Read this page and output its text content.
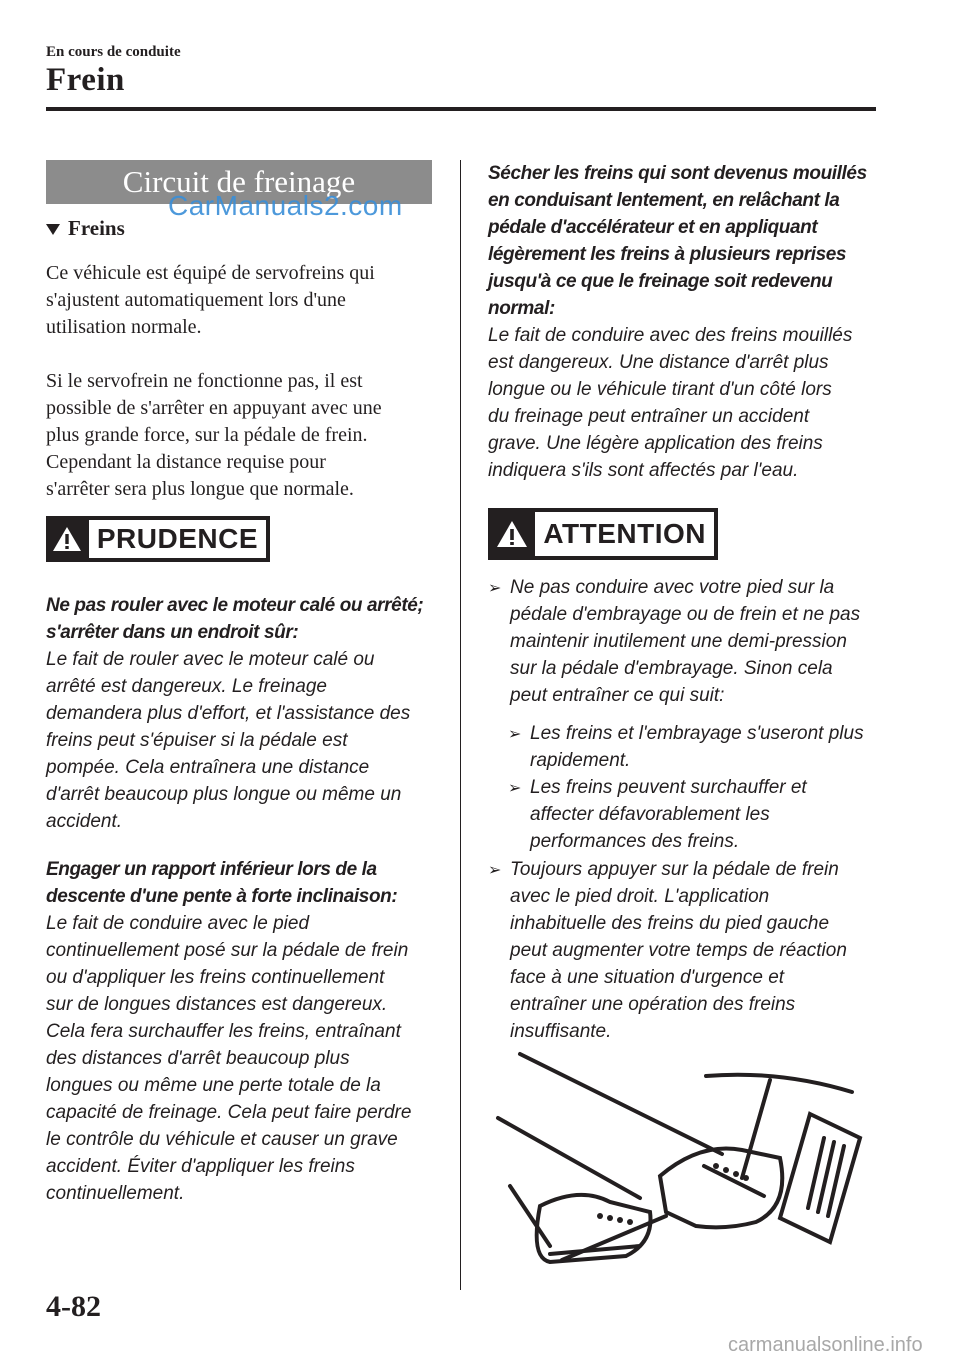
En cours de conduite
Frein
Circuit de freinage
CarManuals2.com
Freins
Ce véhicule est équipé de servofreins qui
s'ajustent automatiquement lors d'une
utilisation normale.
Si le servofrein ne fonctionne pas, il est
possible de s'arrêter en appuyant avec une
plus grande force, sur la pédale de frein.
Cependant la distance requise pour
s'arrêter sera plus longue que normale.
PRUDENCE
Ne pas rouler avec le moteur calé ou arrêté;
s'arrêter dans un endroit sûr:
Le fait de rouler avec le moteur calé ou
arrêté est dangereux. Le freinage
demandera plus d'effort, et l'assistance des
freins peut s'épuiser si la pédale est
pompée. Cela entraînera une distance
d'arrêt beaucoup plus longue ou même un
accident.
Engager un rapport inférieur lors de la
descente d'une pente à forte inclinaison:
Le fait de conduire avec le pied
continuellement posé sur la pédale de frein
ou d'appliquer les freins continuellement
sur de longues distances est dangereux.
Cela fera surchauffer les freins, entraînant
des distances d'arrêt beaucoup plus
longues ou même une perte totale de la
capacité de freinage. Cela peut faire perdre
le contrôle du véhicule et causer un grave
accident. Éviter d'appliquer les freins
continuellement.
Sécher les freins qui sont devenus mouillés
en conduisant lentement, en relâchant la
pédale d'accélérateur et en appliquant
légèrement les freins à plusieurs reprises
jusqu'à ce que le freinage soit redevenu
normal:
Le fait de conduire avec des freins mouillés
est dangereux. Une distance d'arrêt plus
longue ou le véhicule tirant d'un côté lors
du freinage peut entraîner un accident
grave. Une légère application des freins
indiquera s'ils sont affectés par l'eau.
ATTENTION
➢ Ne pas conduire avec votre pied sur la
pédale d'embrayage ou de frein et ne pas
maintenir inutilement une demi-pression
sur la pédale d'embrayage. Sinon cela
peut entraîner ce qui suit:
➢ Les freins et l'embrayage s'useront plus
rapidement.
➢ Les freins peuvent surchauffer et
affecter défavorablement les
performances des freins.
➢ Toujours appuyer sur la pédale de frein
avec le pied droit. L'application
inhabituelle des freins du pied gauche
peut augmenter votre temps de réaction
face à une situation d'urgence et
entraîner une opération des freins
insuffisante.
4-82
carmanualsonline.info
